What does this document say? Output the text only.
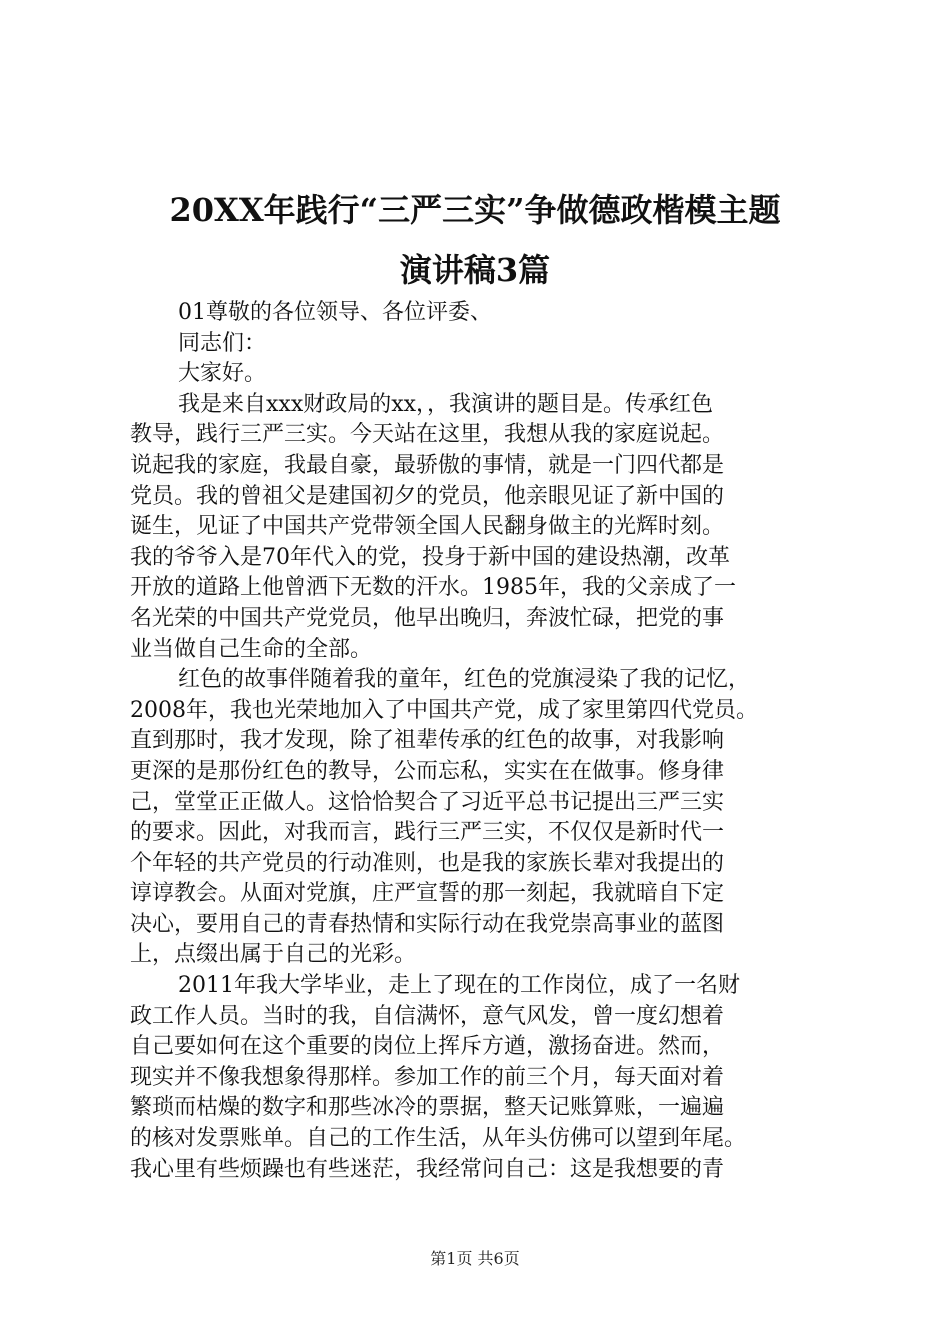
20XX年践行“三严三实”争做德政楷模主题
演讲稿3篇
01尊敬的各位领导、各位评委、
同志们：
大家好。
我是来自xxx财政局的xx，，我演讲的题目是。传承红色
教导，践行三严三实。今天站在这里，我想从我的家庭说起。
说起我的家庭，我最自豪，最骄傲的事情，就是一门四代都是
党员。我的曾祖父是建国初夕的党员，他亲眼见证了新中国的
诞生，见证了中国共产党带领全国人民翻身做主的光辉时刻。
我的爷爷入是70年代入的党，投身于新中国的建设热潮，改革
开放的道路上他曾洒下无数的汗水。1985年，我的父亲成了一
名光荣的中国共产党党员，他早出晚归，奔波忙碌，把党的事
业当做自己生命的全部。
红色的故事伴随着我的童年，红色的党旗浸染了我的记忆，
2008年，我也光荣地加入了中国共产党，成了家里第四代党员。
直到那时，我才发现，除了祖辈传承的红色的故事，对我影响
更深的是那份红色的教导，公而忘私，实实在在做事。修身律
己，堂堂正正做人。这恰恰契合了习近平总书记提出三严三实
的要求。因此，对我而言，践行三严三实，不仅仅是新时代一
个年轻的共产党员的行动准则，也是我的家族长辈对我提出的
谆谆教会。从面对党旗，庄严宣誓的那一刻起，我就暗自下定
决心，要用自己的青春热情和实际行动在我党崇高事业的蓝图
上，点缀出属于自己的光彩。
2011年我大学毕业，走上了现在的工作岗位，成了一名财
政工作人员。当时的我，自信满怀，意气风发，曾一度幻想着
自己要如何在这个重要的岗位上挥斥方遒，激扬奋进。然而，
现实并不像我想象得那样。参加工作的前三个月，每天面对着
繁琐而枯燥的数字和那些冰冷的票据，整天记账算账，一遍遍
的核对发票账单。自己的工作生活，从年头仿佛可以望到年尾。
我心里有些烦躁也有些迷茫，我经常问自己：这是我想要的青
第1页 共6页
